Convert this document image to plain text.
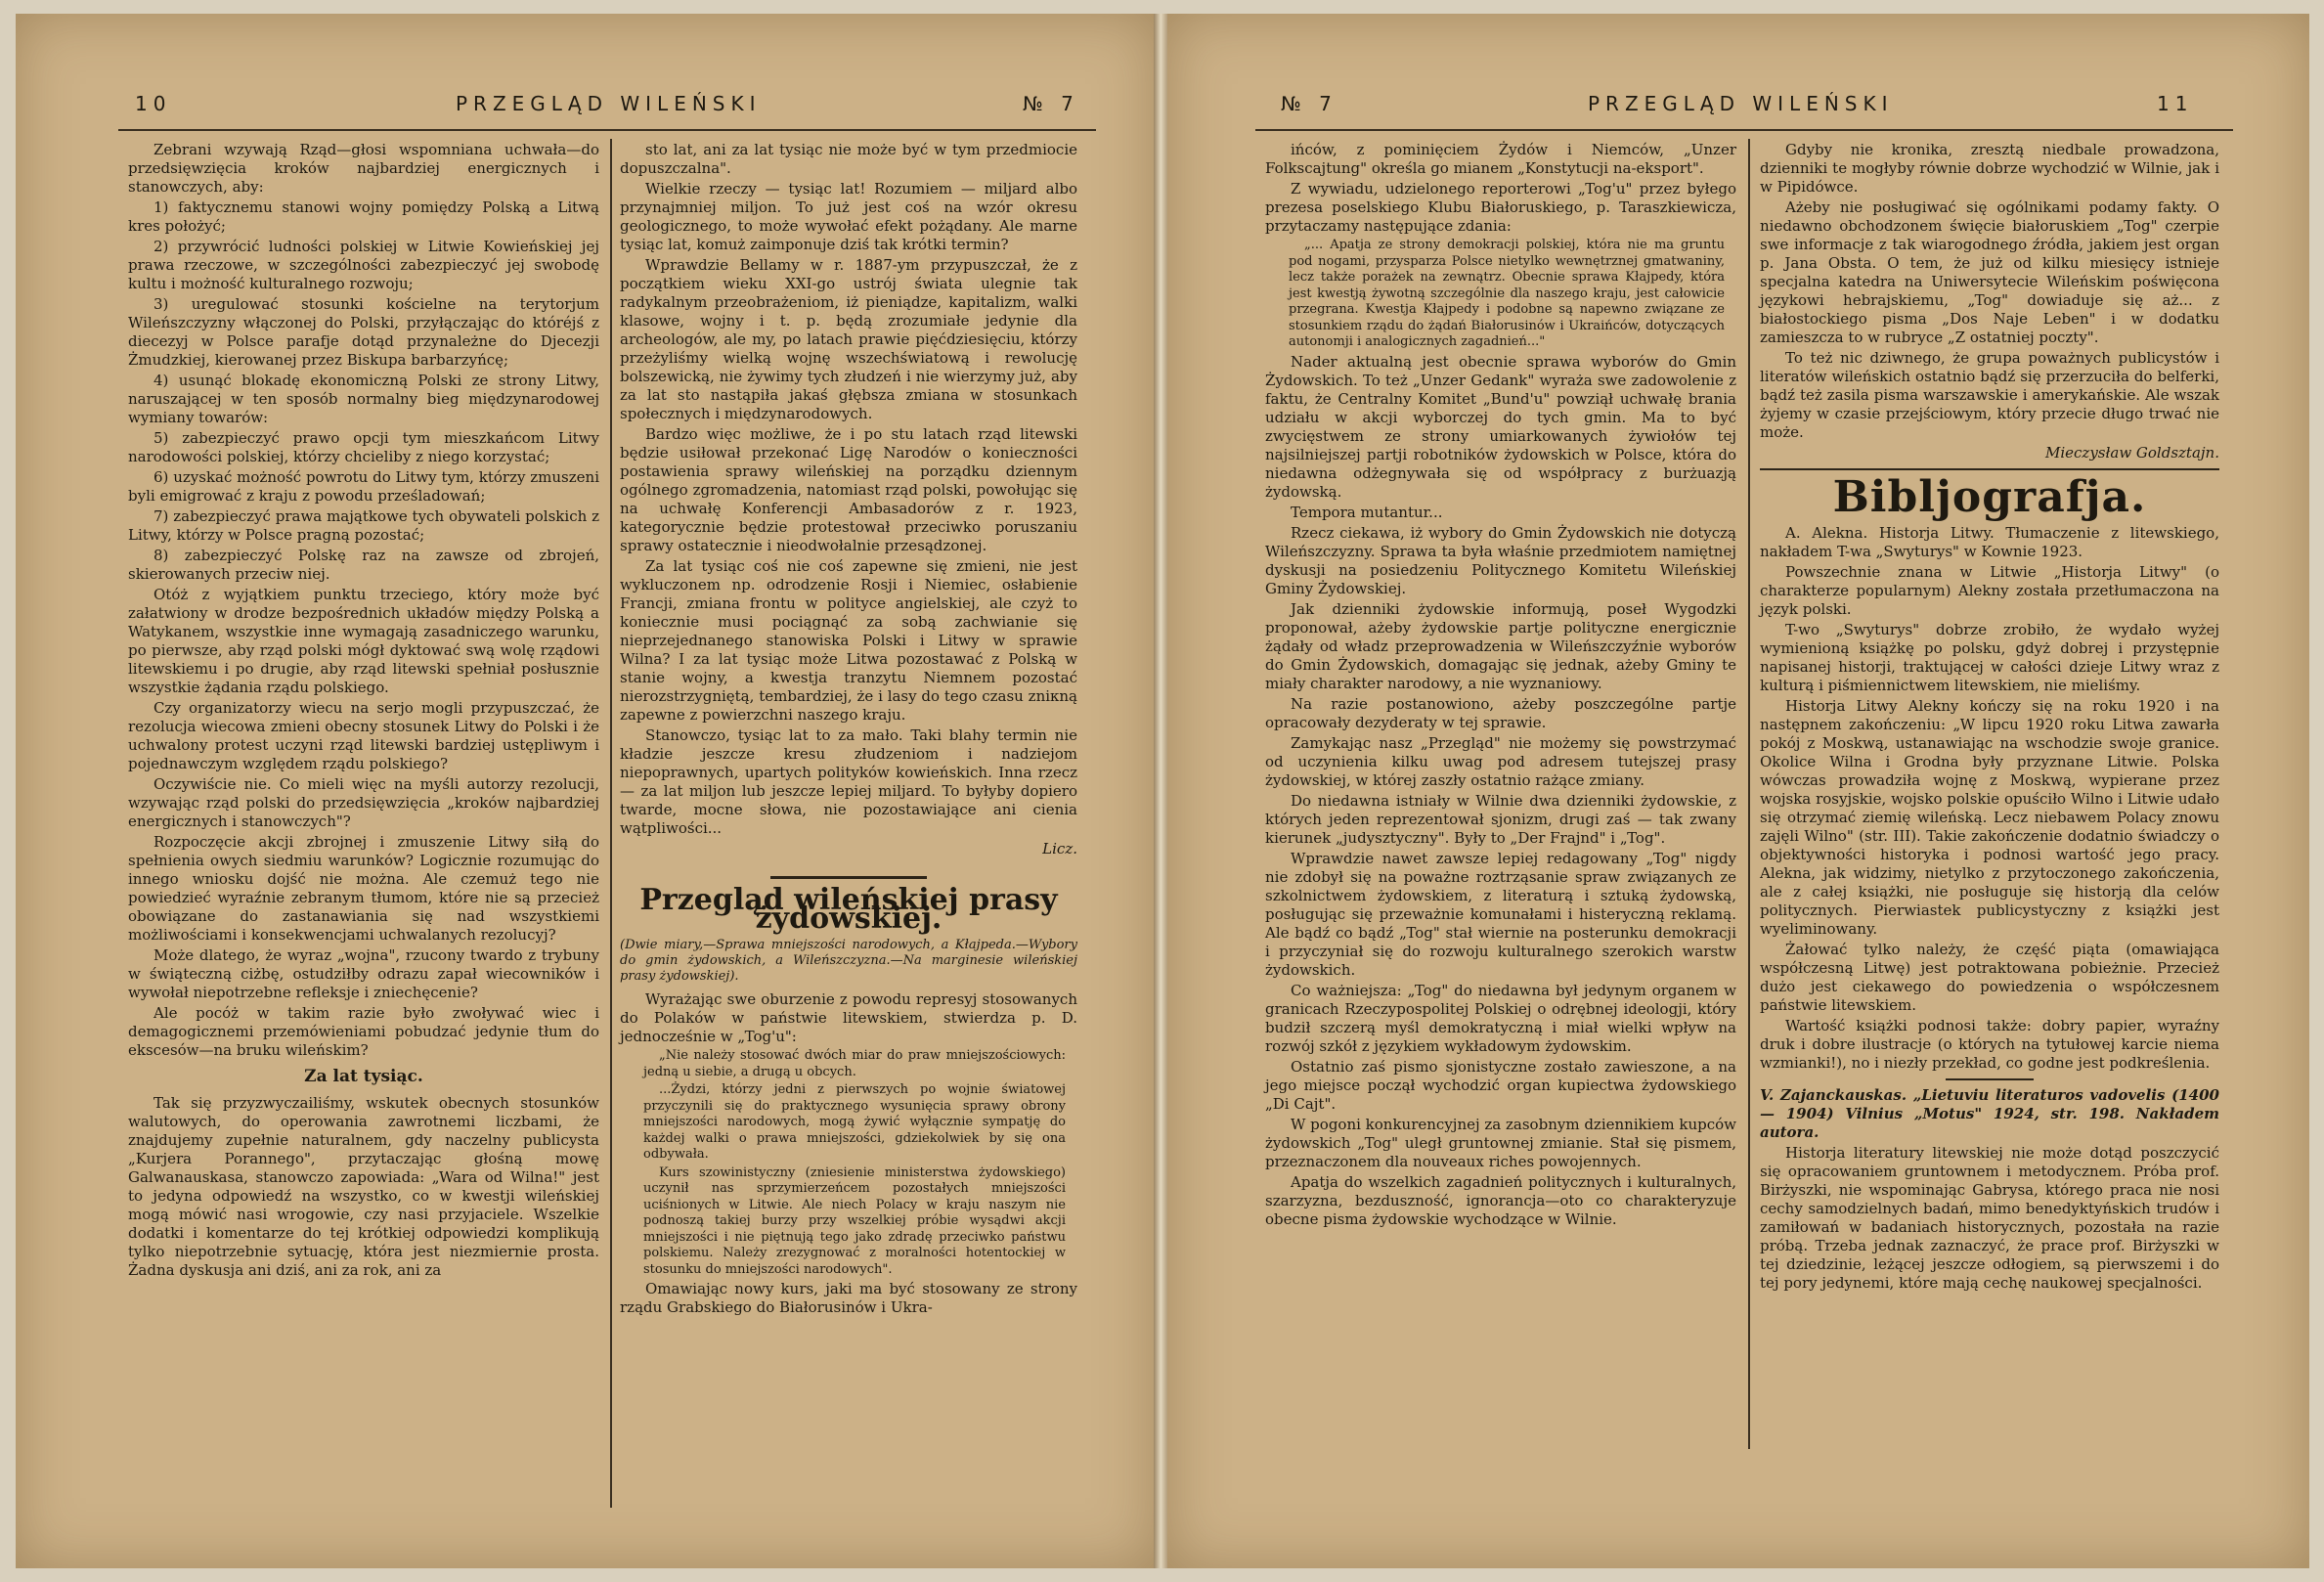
10	PRZEGLĄD WILEŃSKI	№ 7

Zebrani wzywają Rząd—głosi wspomniana uchwała—do przedsięwzięcia kroków najbardziej energicznych i stanowczych, aby:

1) faktycznemu stanowi wojny pomiędzy Polską a Litwą kres położyć;

2) przywrócić ludności polskiej w Litwie Kowieńskiej jej prawa rzeczowe, w szczególności zabezpieczyć jej swobodę kultu i możność kulturalnego rozwoju;

3) uregulować stosunki kościelne na terytorjum Wileńszczyzny włączonej do Polski, przyłączając do któréjś z diecezyj w Polsce parafje dotąd przynależne do Djecezji Żmudzkiej, kierowanej przez Biskupa barbarzyńcę;

4) usunąć blokadę ekonomiczną Polski ze strony Litwy, naruszającej w ten sposób normalny bieg międzynarodowej wymiany towarów:

5) zabezpieczyć prawo opcji tym mieszkańcom Litwy narodowości polskiej, którzy chcieliby z niego korzystać;

6) uzyskać możność powrotu do Litwy tym, którzy zmuszeni byli emigrować z kraju z powodu prześladowań;

7) zabezpieczyć prawa majątkowe tych obywateli polskich z Litwy, którzy w Polsce pragną pozostać;

8) zabezpieczyć Polskę raz na zawsze od zbrojeń, skierowanych przeciw niej.

Otóż z wyjątkiem punktu trzeciego, który może być załatwiony w drodze bezpośrednich układów między Polską a Watykanem, wszystkie inne wymagają zasadniczego warunku, po pierwsze, aby rząd polski mógł dyktować swą wolę rządowi litewskiemu i po drugie, aby rząd litewski spełniał posłusznie wszystkie żądania rządu polskiego.

Czy organizatorzy wiecu na serjo mogli przypuszczać, że rezolucja wiecowa zmieni obecny stosunek Litwy do Polski i że uchwalony protest uczyni rząd litewski bardziej ustępliwym i pojednawczym względem rządu polskiego?

Oczywiście nie. Co mieli więc na myśli autorzy rezolucji, wzywając rząd polski do przedsięwzięcia „kroków najbardziej energicznych i stanowczych"?

Rozpoczęcie akcji zbrojnej i zmuszenie Litwy siłą do spełnienia owych siedmiu warunków? Logicznie rozumując do innego wniosku dojść nie można. Ale czemuż tego nie powiedzieć wyraźnie zebranym tłumom, które nie są przecież obowiązane do zastanawiania się nad wszystkiemi możliwościami i konsekwencjami uchwalanych rezolucyj?

Może dlatego, że wyraz „wojna", rzucony twardo z trybuny w świąteczną ciżbę, ostudziłby odrazu zapał wiecowników i wywołał niepotrzebne refleksje i zniechęcenie?

Ale pocóż w takim razie było zwoływać wiec i demagogicznemi przemówieniami pobudzać jedynie tłum do ekscesów—na bruku wileńskim?

Za lat tysiąc.

Tak się przyzwyczailiśmy, wskutek obecnych stosunków walutowych, do operowania zawrotnemi liczbami, że znajdujemy zupełnie naturalnem, gdy naczelny publicysta „Kurjera Porannego", przytaczając głośną mowę Galwanauskasa, stanowczo zapowiada: „Wara od Wilna!" jest to jedyna odpowiedź na wszystko, co w kwestji wileńskiej mogą mówić nasi wrogowie, czy nasi przyjaciele. Wszelkie dodatki i komentarze do tej krótkiej odpowiedzi komplikują tylko niepotrzebnie sytuację, która jest niezmiernie prosta. Żadna dyskusja ani dziś, ani za rok, ani za

sto lat, ani za lat tysiąc nie może być w tym przedmiocie dopuszczalna".

Wielkie rzeczy — tysiąc lat! Rozumiem — miljard albo przynajmniej miljon. To już jest coś na wzór okresu geologicznego, to może wywołać efekt pożądany. Ale marne tysiąc lat, komuż zaimponuje dziś tak krótki termin?

Wprawdzie Bellamy w r. 1887-ym przypuszczał, że z początkiem wieku XXI-go ustrój świata ulegnie tak radykalnym przeobrażeniom, iż pieniądze, kapitalizm, walki klasowe, wojny i t. p. będą zrozumiałe jedynie dla archeologów, ale my, po latach prawie pięćdziesięciu, którzy przeżyliśmy wielką wojnę wszechświatową i rewolucję bolszewicką, nie żywimy tych złudzeń i nie wierzymy już, aby za lat sto nastąpiła jakaś głębsza zmiana w stosunkach społecznych i międzynarodowych.

Bardzo więc możliwe, że i po stu latach rząd litewski będzie usiłował przekonać Ligę Narodów o konieczności postawienia sprawy wileńskiej na porządku dziennym ogólnego zgromadzenia, natomiast rząd polski, powołując się na uchwałę Konferencji Ambasadorów z r. 1923, kategorycznie będzie protestował przeciwko poruszaniu sprawy ostatecznie i nieodwołalnie przesądzonej.

Za lat tysiąc coś nie coś zapewne się zmieni, nie jest wykluczonem np. odrodzenie Rosji i Niemiec, osłabienie Francji, zmiana frontu w polityce angielskiej, ale czyż to koniecznie musi pociągnąć za sobą zachwianie się nieprzejednanego stanowiska Polski i Litwy w sprawie Wilna? I za lat tysiąc może Litwa pozostawać z Polską w stanie wojny, a kwestja tranzytu Niemnem pozostać nierozstrzygniętą, tembardziej, że i lasy do tego czasu zniкną zapewne z powierzchni naszego kraju.

Stanowczo, tysiąc lat to za mało. Taki blahy termin nie kładzie jeszcze kresu złudzeniom i nadziejom niepoprawnych, upartych polityków kowieńskich. Inna rzecz — za lat miljon lub jeszcze lepiej miljard. To byłyby dopiero twarde, mocne słowa, nie pozostawiające ani cienia wątpliwości...

Licz.

Przegląd wileńskiej prasy żydowskiej.

(Dwie miary,—Sprawa mniejszości narodowych, a Kłajpeda.—Wybory do gmin żydowskich, a Wileńszczyzna.—Na marginesie wileńskiej prasy żydowskiej).

Wyrażając swe oburzenie z powodu represyj stosowanych do Polaków w państwie litewskiem, stwierdza p. D. jednocześnie w „Tog'u":

„Nie należy stosować dwóch miar do praw mniejszościowych: jedną u siebie, a drugą u obcych.

...Żydzi, którzy jedni z pierwszych po wojnie światowej przyczynili się do praktycznego wysunięcia sprawy obrony mniejszości narodowych, mogą żywić wyłącznie sympatję do każdej walki o prawa mniejszości, gdziekolwiek by się ona odbywała.

Kurs szowinistyczny (zniesienie ministerstwa żydowskiego) uczynił nas sprzymierzeńcem pozostałych mniejszości uciśnionych w Litwie. Ale niech Polacy w kraju naszym nie podnoszą takiej burzy przy wszelkiej próbie wysądwi akcji mniejszości i nie piętnują tego jako zdradę przeciwko państwu polskiemu. Należy zrezygnować z moralności hotentockiej w stosunku do mniejszości narodowych".

Omawiając nowy kurs, jaki ma być stosowany ze strony rządu Grabskiego do Białorusinów i Ukra-

№ 7	PRZEGLĄD WILEŃSKI	11

ińców, z pominięciem Żydów i Niemców, „Unzer Folkscajtung" określa go mianem „Konstytucji na-eksport".

Z wywiadu, udzielonego reporterowi „Tog'u" przez byłego prezesa poselskiego Klubu Białoruskiego, p. Taraszkiewicza, przytaczamy następujące zdania:

„... Apatja ze strony demokracji polskiej, która nie ma gruntu pod nogami, przysparza Polsce nietylko wewnętrznej gmatwaniny, lecz także porażek na zewnątrz. Obecnie sprawa Kłajpedy, która jest kwestją żywotną szczególnie dla naszego kraju, jest całowicie przegrana. Kwestja Kłajpedy i podobne są napewno związane ze stosunkiem rządu do żądań Białorusinów i Ukraińców, dotyczących autonomji i analogicznych zagadnień..."

Nader aktualną jest obecnie sprawa wyborów do Gmin Żydowskich. To też „Unzer Gedank" wyraża swe zadowolenie z faktu, że Centralny Komitet „Bund'u" powziął uchwałę brania udziału w akcji wyborczej do tych gmin. Ma to być zwycięstwem ze strony umiarkowanych żywiołów tej najsilniejszej partji robotników żydowskich w Polsce, która do niedawna odżegnywała się od współpracy z burżuazją żydowską.

Tempora mutantur...

Rzecz ciekawa, iż wybory do Gmin Żydowskich nie dotyczą Wileńszczyzny. Sprawa ta była właśnie przedmiotem namiętnej dyskusji na posiedzeniu Politycznego Komitetu Wileńskiej Gminy Żydowskiej.

Jak dzienniki żydowskie informują, poseł Wygodzki proponował, ażeby żydowskie partje polityczne energicznie żądały od władz przeprowadzenia w Wileńszczyźnie wyborów do Gmin Żydowskich, domagając się jednak, ażeby Gminy te miały charakter narodowy, a nie wyznaniowy.

Na razie postanowiono, ażeby poszczególne partje opracowały dezyderaty w tej sprawie.

Zamykając nasz „Przegląd" nie możemy się powstrzymać od uczynienia kilku uwag pod adresem tutejszej prasy żydowskiej, w której zaszły ostatnio rażące zmiany.

Do niedawna istniały w Wilnie dwa dzienniki żydowskie, z których jeden reprezentował sjonizm, drugi zaś — tak zwany kierunek „judysztyczny". Były to „Der Frajnd" i „Tog".

Wprawdzie nawet zawsze lepiej redagowany „Tog" nigdy nie zdobył się na poważne roztrząsanie spraw związanych ze szkolnictwem żydowskiem, z literaturą i sztuką żydowską, posługując się przeważnie komunałami i histeryczną reklamą. Ale bądź co bądź „Tog" stał wiernie na posterunku demokracji i przyczyniał się do rozwoju kulturalnego szerokich warstw żydowskich.

Co ważniejsza: „Tog" do niedawna był jedynym organem w granicach Rzeczypospolitej Polskiej o odrębnej ideologji, który budził szczerą myśl demokratyczną i miał wielki wpływ na rozwój szkół z językiem wykładowym żydowskim.

Ostatnio zaś pismo sjonistyczne zostało zawieszone, a na jego miejsce począł wychodzić organ kupiectwa żydowskiego „Di Cajt".

W pogoni konkurencyjnej za zasobnym dziennikiem kupców żydowskich „Tog" uległ gruntownej zmianie. Stał się pismem, przeznaczonem dla nouveaux riches powojennych.

Apatja do wszelkich zagadnień politycznych i kulturalnych, szarzyzna, bezduszność, ignorancja—oto co charakteryzuje obecne pisma żydowskie wychodzące w Wilnie.

Gdyby nie kronika, zresztą niedbale prowadzona, dzienniki te mogłyby równie dobrze wychodzić w Wilnie, jak i w Pipidówce.

Ażeby nie posługiwać się ogólnikami podamy fakty. O niedawno obchodzonem święcie białoruskiem „Tog" czerpie swe informacje z tak wiarogodnego źródła, jakiem jest organ p. Jana Obsta. O tem, że już od kilku miesięcy istnieje specjalna katedra na Uniwersytecie Wileńskim poświęcona językowi hebrajskiemu, „Tog" dowiaduje się aż... z białostockiego pisma „Dos Naje Leben" i w dodatku zamieszcza to w rubryce „Z ostatniej poczty".

To też nic dziwnego, że grupa poważnych publicystów i literatów wileńskich ostatnio bądź się przerzuciła do belferki, bądź też zasila pisma warszawskie i amerykańskie. Ale wszak żyjemy w czasie przejściowym, który przecie długo trwać nie może.

Mieczysław Goldsztajn.

Bibljografja.

A. Alekna. Historja Litwy. Tłumaczenie z litewskiego, nakładem T-wa „Swyturys" w Kownie 1923.

Powszechnie znana w Litwie „Historja Litwy" (o charakterze popularnym) Alekny została przetłumaczona na język polski.

T-wo „Swyturys" dobrze zrobiło, że wydało wyżej wymienioną książkę po polsku, gdyż dobrej i przystępnie napisanej historji, traktującej w całości dzieje Litwy wraz z kulturą i piśmiennictwem litewskiem, nie mieliśmy.

Historja Litwy Alekny kończy się na roku 1920 i na następnem zakończeniu: „W lipcu 1920 roku Litwa zawarła pokój z Moskwą, ustanawiając na wschodzie swoje granice. Okolice Wilna i Grodna były przyznane Litwie. Polska wówczas prowadziła wojnę z Moskwą, wypierane przez wojska rosyjskie, wojsko polskie opuściło Wilno i Litwie udało się otrzymać ziemię wileńską. Lecz niebawem Polacy znowu zajęli Wilno" (str. III). Takie zakończenie dodatnio świadczy o objektywności historyka i podnosi wartość jego pracy. Alekna, jak widzimy, nietylko z przytoczonego zakończenia, ale z całej książki, nie posługuje się historją dla celów politycznych. Pierwiastek publicystyczny z książki jest wyeliminowany.

Żałować tylko należy, że część piąta (omawiająca współczesną Litwę) jest potraktowana pobieżnie. Przecież dużo jest ciekawego do powiedzenia o współczesnem państwie litewskiem.

Wartość książki podnosi także: dobry papier, wyraźny druk i dobre ilustracje (o których na tytułowej karcie niema wzmianki!), no i niezły przekład, co godne jest podkreślenia.

V. Zajanckauskas. „Lietuviu literaturos vadovelis (1400 — 1904) Vilnius „Motus" 1924, str. 198. Nakładem autora.

Historja literatury litewskiej nie może dotąd poszczycić się opracowaniem gruntownem i metodycznem. Próba prof. Birżyszki, nie wspominając Gabrysa, którego praca nie nosi cechy samodzielnych badań, mimo benedyktyńskich trudów i zamiłowań w badaniach historycznych, pozostała na razie próbą. Trzeba jednak zaznaczyć, że prace prof. Birżyszki w tej dziedzinie, leżącej jeszcze odłogiem, są pierwszemi i do tej pory jedynemi, które mają cechę naukowej specjalności.
